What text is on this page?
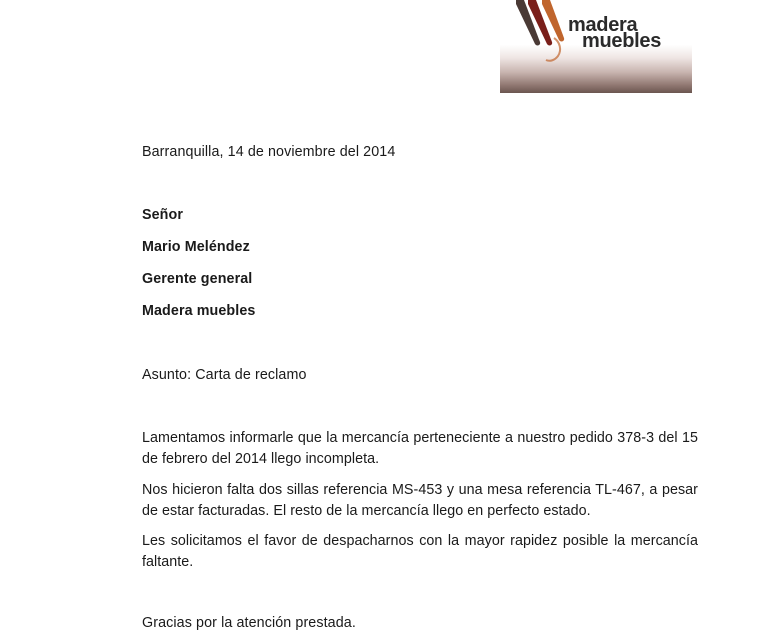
madera
muebles
Barranquilla, 14 de noviembre del 2014
Señor
Mario Meléndez
Gerente general
Madera muebles
Asunto: Carta de reclamo
Lamentamos informarle que la mercancía perteneciente a nuestro pedido 378-3 del 15 de febrero del 2014 llego incompleta.
Nos hicieron falta dos sillas referencia MS-453 y una mesa referencia TL-467, a pesar de estar facturadas. El resto de la mercancía llego en perfecto estado.
Les solicitamos el favor de despacharnos con la mayor rapidez posible la mercancía faltante.
Gracias por la atención prestada.
